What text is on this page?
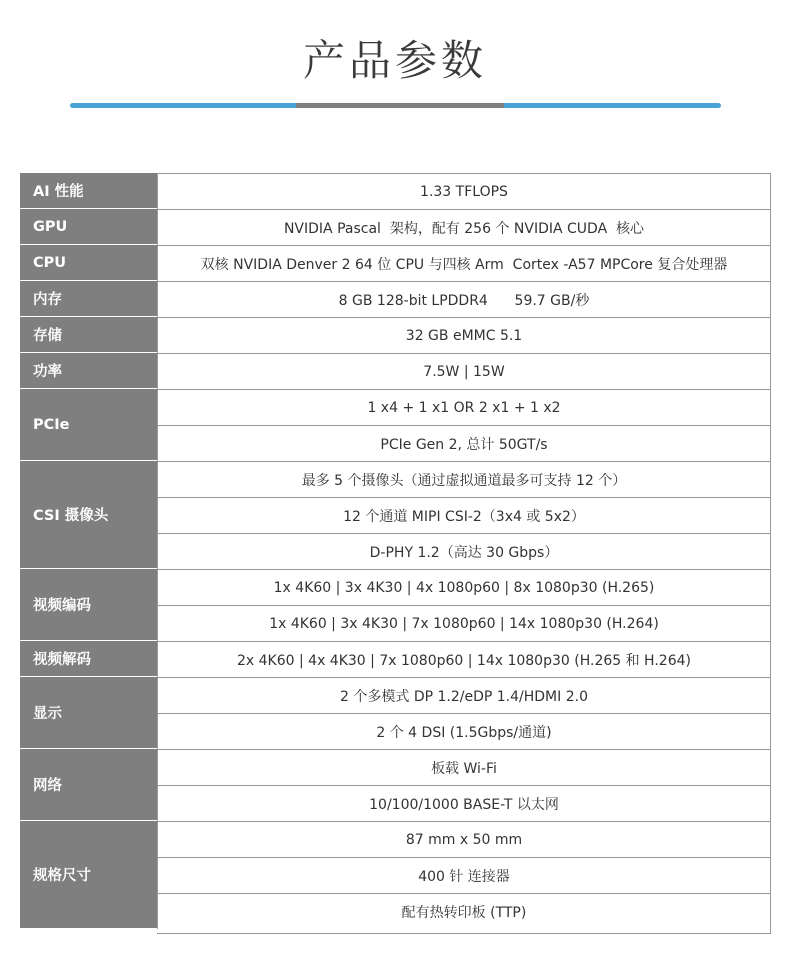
产品参数
AI 性能
GPU
CPU
内存
存储
功率
PCIe
CSI 摄像头
视频编码
视频解码
显示
网络
规格尺寸
1.33 TFLOPS
NVIDIA Pascal  架构，配有 256 个 NVIDIA CUDA  核心
双核 NVIDIA Denver 2 64 位 CPU 与四核 Arm  Cortex -A57 MPCore 复合处理器
8 GB 128-bit LPDDR4      59.7 GB/秒
32 GB eMMC 5.1
7.5W | 15W
1 x4 + 1 x1 OR 2 x1 + 1 x2
PCIe Gen 2, 总计 50GT/s
最多 5 个摄像头（通过虚拟通道最多可支持 12 个）
12 个通道 MIPI CSI-2（3x4 或 5x2）
D-PHY 1.2（高达 30 Gbps）
1x 4K60 | 3x 4K30 | 4x 1080p60 | 8x 1080p30 (H.265)
1x 4K60 | 3x 4K30 | 7x 1080p60 | 14x 1080p30 (H.264)
2x 4K60 | 4x 4K30 | 7x 1080p60 | 14x 1080p30 (H.265 和 H.264)
2 个多模式 DP 1.2/eDP 1.4/HDMI 2.0
2 个 4 DSI (1.5Gbps/通道)
板载 Wi-Fi
10/100/1000 BASE-T 以太网
87 mm x 50 mm
400 针 连接器
配有热转印板 (TTP)
